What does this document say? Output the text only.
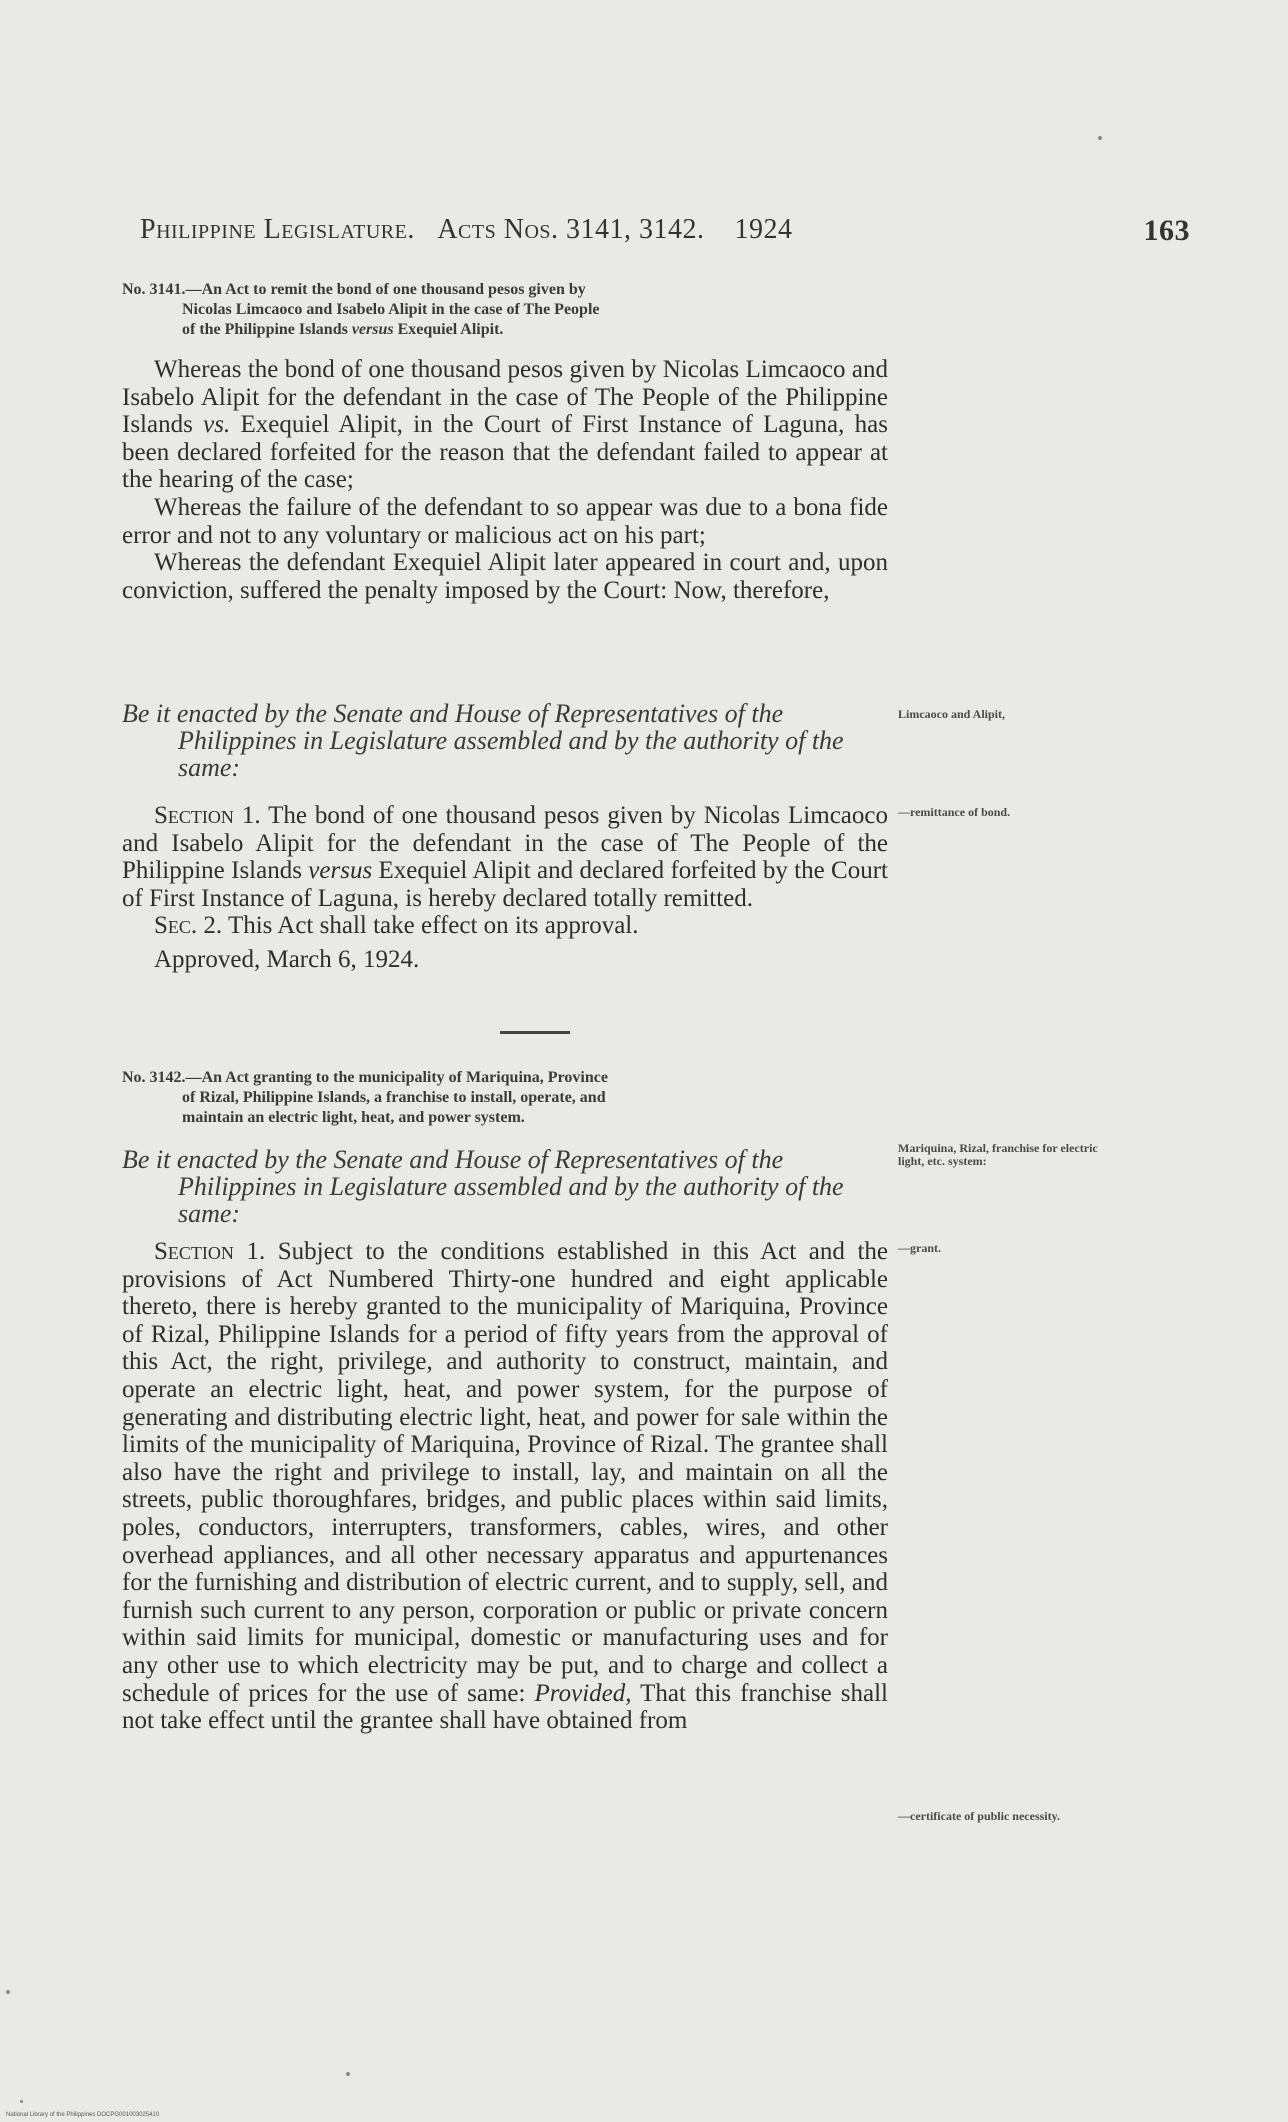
Philippine Legislature. Acts Nos. 3141, 3142. 1924	163
No. 3141.—An Act to remit the bond of one thousand pesos given by
Nicolas Limcaoco and Isabelo Alipit in the case of The People
of the Philippine Islands versus Exequiel Alipit.

Whereas the bond of one thousand pesos given by Nicolas Limcaoco and Isabelo Alipit for the defendant in the case of The People of the Philippine Islands vs. Exequiel Alipit, in the Court of First Instance of Laguna, has been declared forfeited for the reason that the defendant failed to appear at the hearing of the case;

Whereas the failure of the defendant to so appear was due to a bona fide error and not to any voluntary or malicious act on his part;

Whereas the defendant Exequiel Alipit later appeared in court and, upon conviction, suffered the penalty imposed by the Court: Now, therefore,

Be it enacted by the Senate and House of Representatives of the Philippines in Legislature assembled and by the authority of the same:

Limcaoco and Alipit,

Section 1. The bond of one thousand pesos given by Nicolas Limcaoco and Isabelo Alipit for the defendant in the case of The People of the Philippine Islands versus Exequiel Alipit and declared forfeited by the Court of First Instance of Laguna, is hereby declared totally remitted.

Sec. 2. This Act shall take effect on its approval.

Approved, March 6, 1924.

—remittance of bond.
No. 3142.—An Act granting to the municipality of Mariquina, Province
of Rizal, Philippine Islands, a franchise to install, operate, and
maintain an electric light, heat, and power system.

Be it enacted by the Senate and House of Representatives of the Philippines in Legislature assembled and by the authority of the same:

Mariquina, Rizal, franchise for electric light, etc. system:

Section 1. Subject to the conditions established in this Act and the provisions of Act Numbered Thirty-one hundred and eight applicable thereto, there is hereby granted to the municipality of Mariquina, Province of Rizal, Philippine Islands for a period of fifty years from the approval of this Act, the right, privilege, and authority to construct, maintain, and operate an electric light, heat, and power system, for the purpose of generating and distributing electric light, heat, and power for sale within the limits of the municipality of Mariquina, Province of Rizal. The grantee shall also have the right and privilege to install, lay, and maintain on all the streets, public thoroughfares, bridges, and public places within said limits, poles, conductors, interrupters, transformers, cables, wires, and other overhead appliances, and all other necessary apparatus and appurtenances for the furnishing and distribution of electric current, and to supply, sell, and furnish such current to any person, corporation or public or private concern within said limits for municipal, domestic or manufacturing uses and for any other use to which electricity may be put, and to charge and collect a schedule of prices for the use of same: Provided, That this franchise shall not take effect until the grantee shall have obtained from

—grant.
—certificate of public necessity.
National Library of the Philippines DOCPG001003025410
